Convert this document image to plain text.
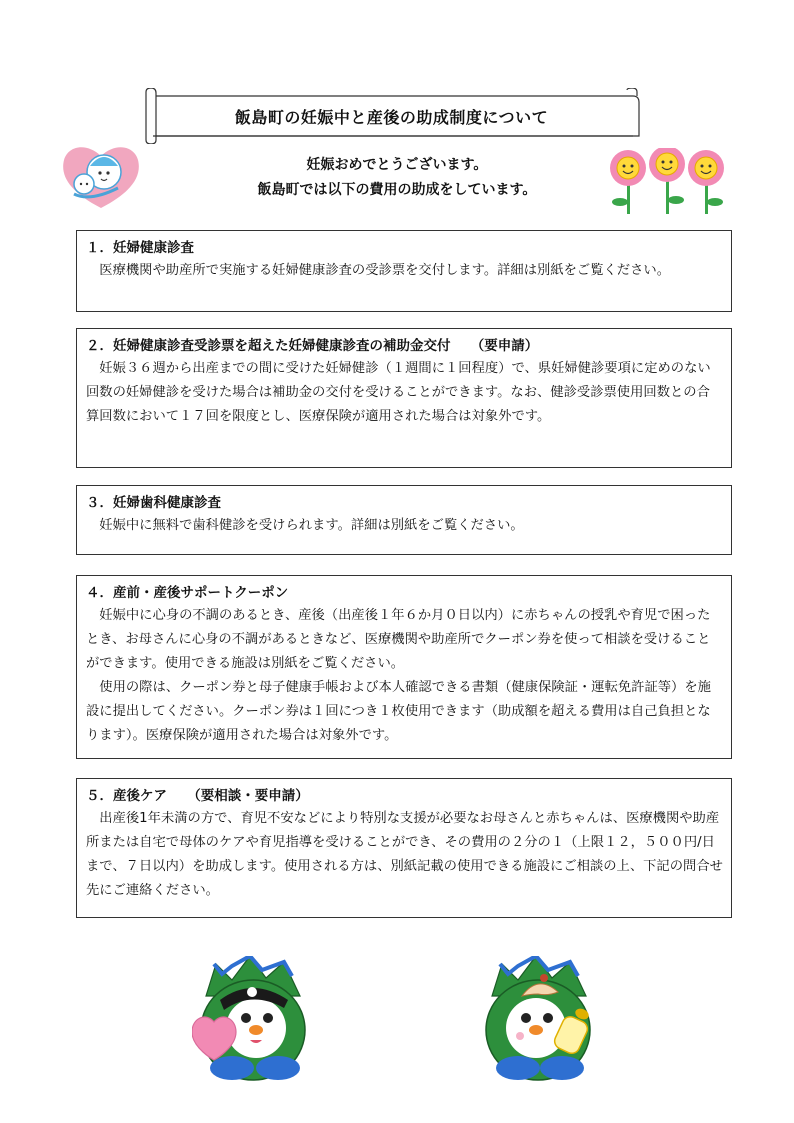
飯島町の妊娠中と産後の助成制度について
妊娠おめでとうございます。
飯島町では以下の費用の助成をしています。
１．妊婦健康診査

医療機関や助産所で実施する妊婦健康診査の受診票を交付します。詳細は別紙をご覧ください。

２．妊婦健康診査受診票を超えた妊婦健康診査の補助金交付　　（要申請）

妊娠３６週から出産までの間に受けた妊婦健診（１週間に１回程度）で、県妊婦健診要項に定めのない回数の妊婦健診を受けた場合は補助金の交付を受けることができます。なお、健診受診票使用回数との合算回数において１７回を限度とし、医療保険が適用された場合は対象外です。

３．妊婦歯科健康診査

妊娠中に無料で歯科健診を受けられます。詳細は別紙をご覧ください。

４．産前・産後サポートクーポン

妊娠中に心身の不調のあるとき、産後（出産後１年６か月０日以内）に赤ちゃんの授乳や育児で困ったとき、お母さんに心身の不調があるときなど、医療機関や助産所でクーポン券を使って相談を受けることができます。使用できる施設は別紙をご覧ください。

使用の際は、クーポン券と母子健康手帳および本人確認できる書類（健康保険証・運転免許証等）を施設に提出してください。クーポン券は１回につき１枚使用できます（助成額を超える費用は自己負担となります）。医療保険が適用された場合は対象外です。

５．産後ケア　　（要相談・要申請）

出産後1年未満の方で、育児不安などにより特別な支援が必要なお母さんと赤ちゃんは、医療機関や助産所または自宅で母体のケアや育児指導を受けることができ、その費用の２分の１（上限１２，５００円/日まで、７日以内）を助成します。使用される方は、別紙記載の使用できる施設にご相談の上、下記の問合せ先にご連絡ください。
